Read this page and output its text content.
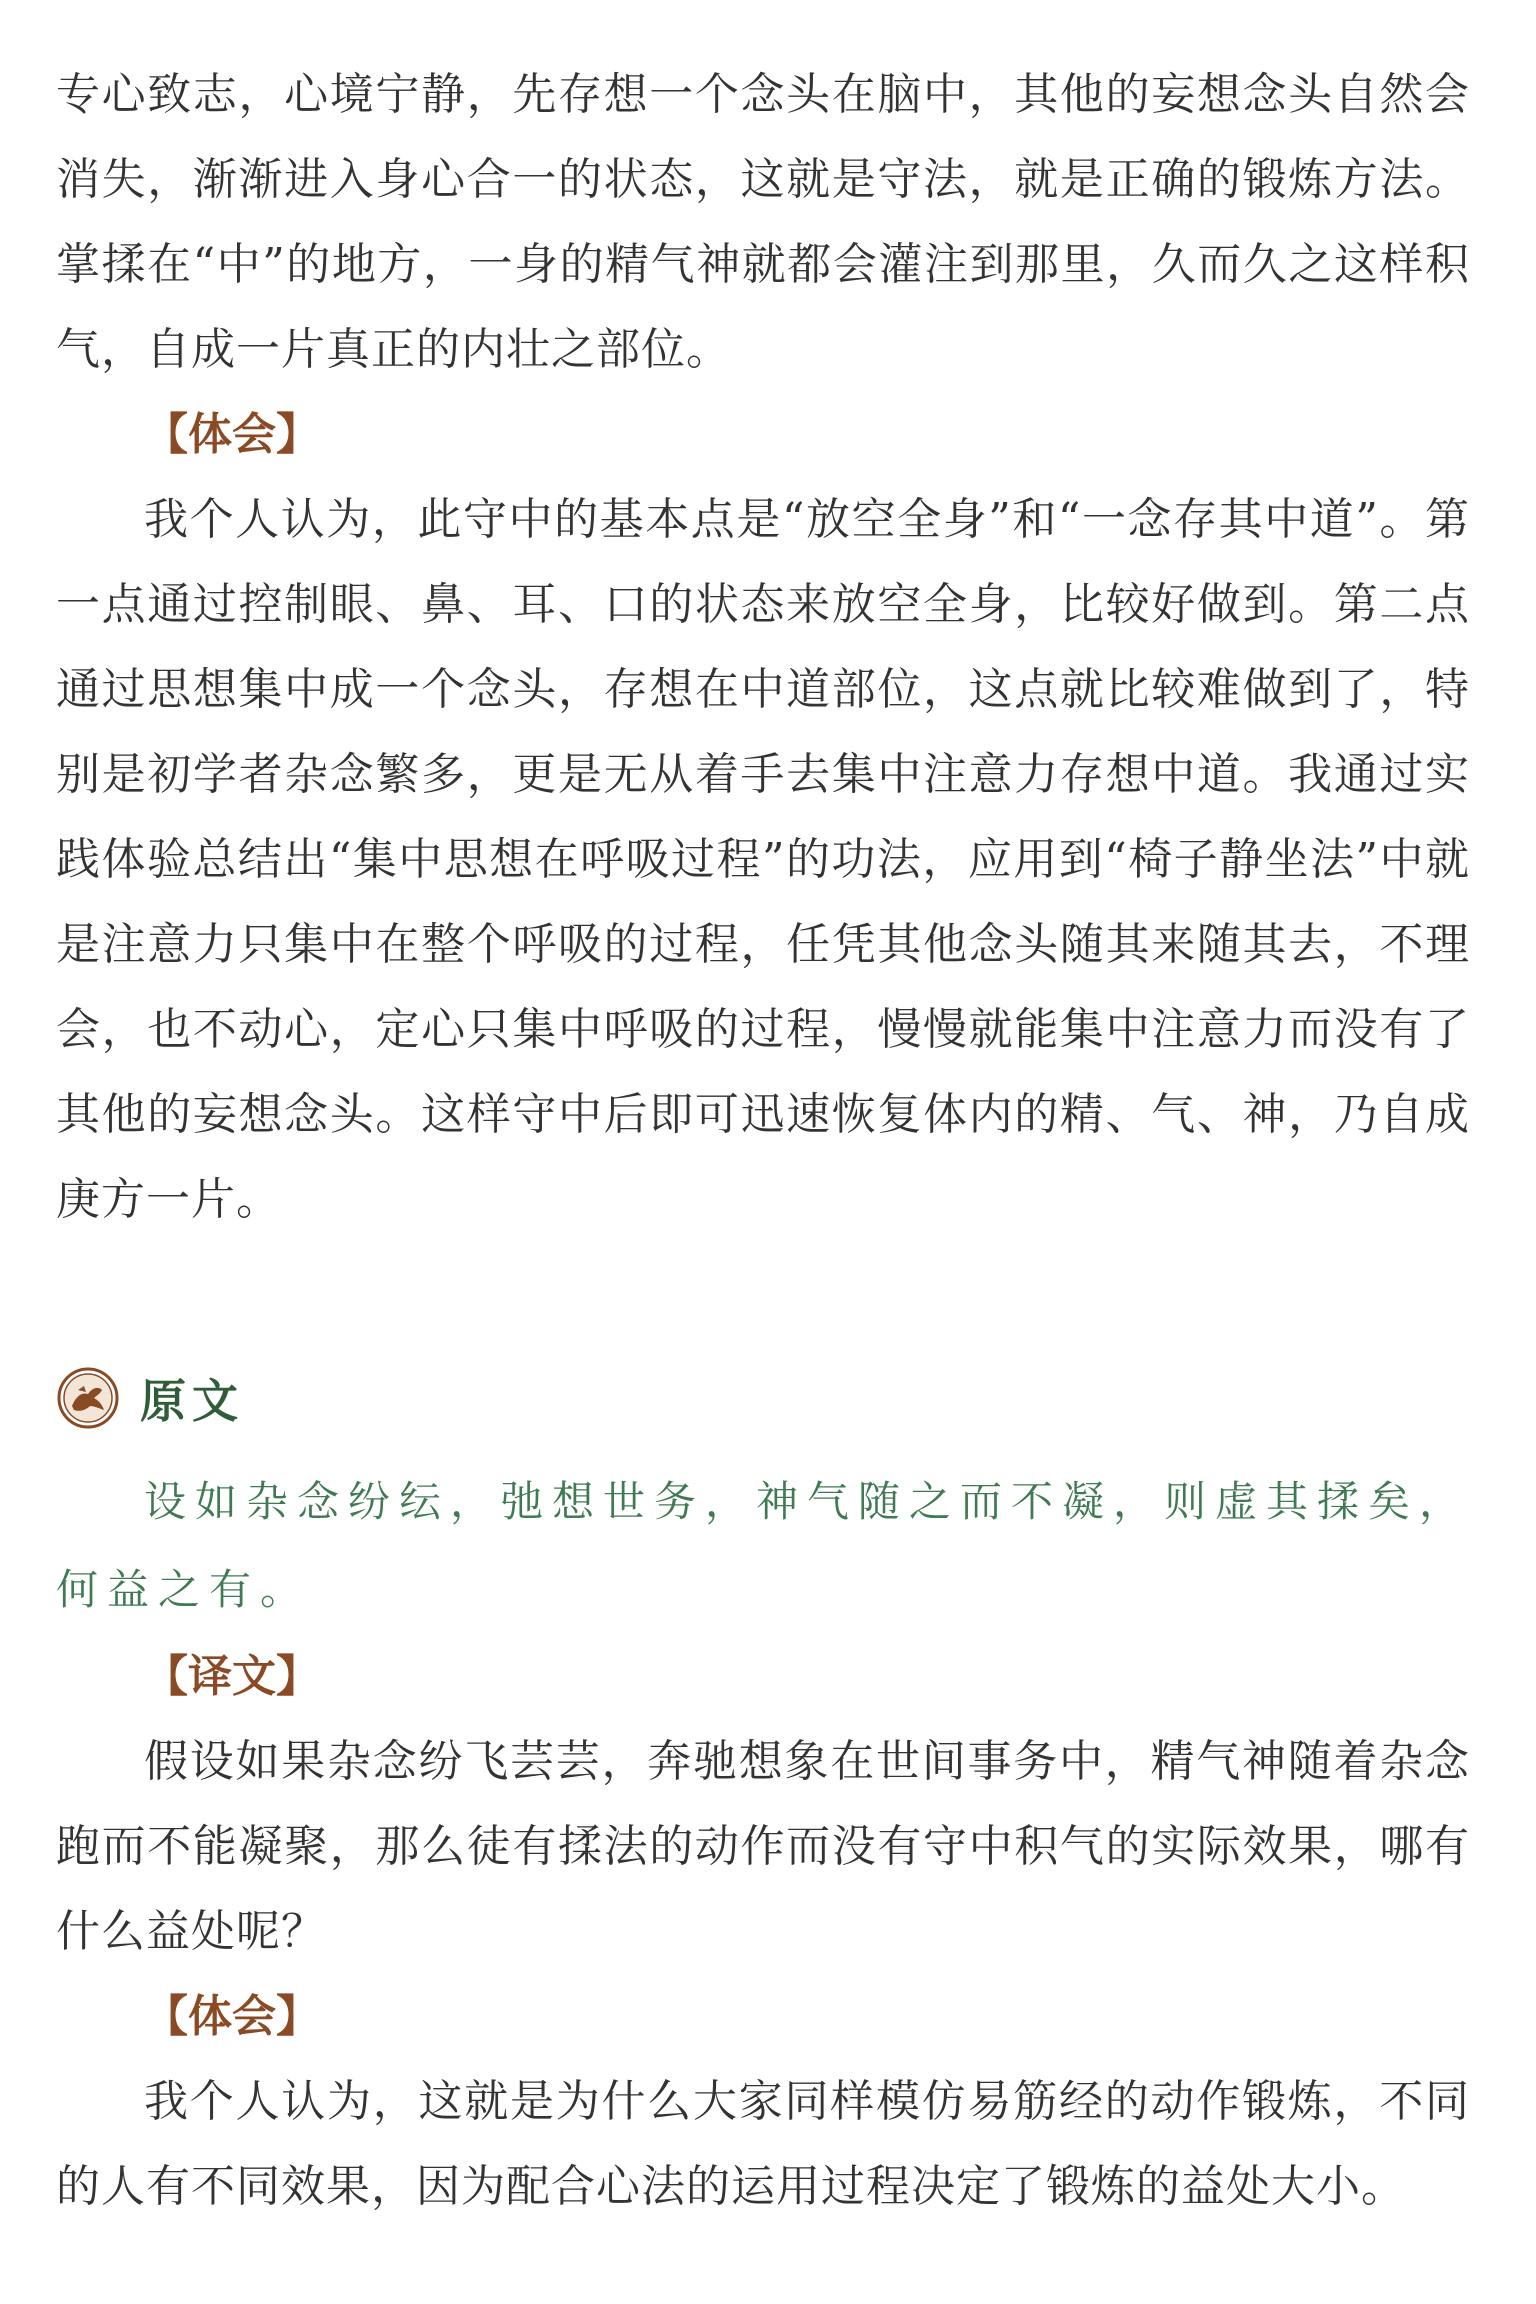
专心致志，心境宁静，先存想一个念头在脑中，其他的妄想念头自然会消失，渐渐进入身心合一的状态，这就是守法，就是正确的锻炼方法。掌揉在“中”的地方，一身的精气神就都会灌注到那里，久而久之这样积气，自成一片真正的内壮之部位。

【体会】

我个人认为，此守中的基本点是“放空全身”和“一念存其中道”。第一点通过控制眼、鼻、耳、口的状态来放空全身，比较好做到。第二点通过思想集中成一个念头，存想在中道部位，这点就比较难做到了，特别是初学者杂念繁多，更是无从着手去集中注意力存想中道。我通过实践体验总结出“集中思想在呼吸过程”的功法，应用到“椅子静坐法”中就是注意力只集中在整个呼吸的过程，任凭其他念头随其来随其去，不理会，也不动心，定心只集中呼吸的过程，慢慢就能集中注意力而没有了其他的妄想念头。这样守中后即可迅速恢复体内的精、气、神，乃自成庚方一片。

原文

设如杂念纷纭，弛想世务，神气随之而不凝，则虚其揉矣，何益之有。

【译文】

假设如果杂念纷飞芸芸，奔驰想象在世间事务中，精气神随着杂念跑而不能凝聚，那么徒有揉法的动作而没有守中积气的实际效果，哪有什么益处呢？

【体会】

我个人认为，这就是为什么大家同样模仿易筋经的动作锻炼，不同的人有不同效果，因为配合心法的运用过程决定了锻炼的益处大小。
